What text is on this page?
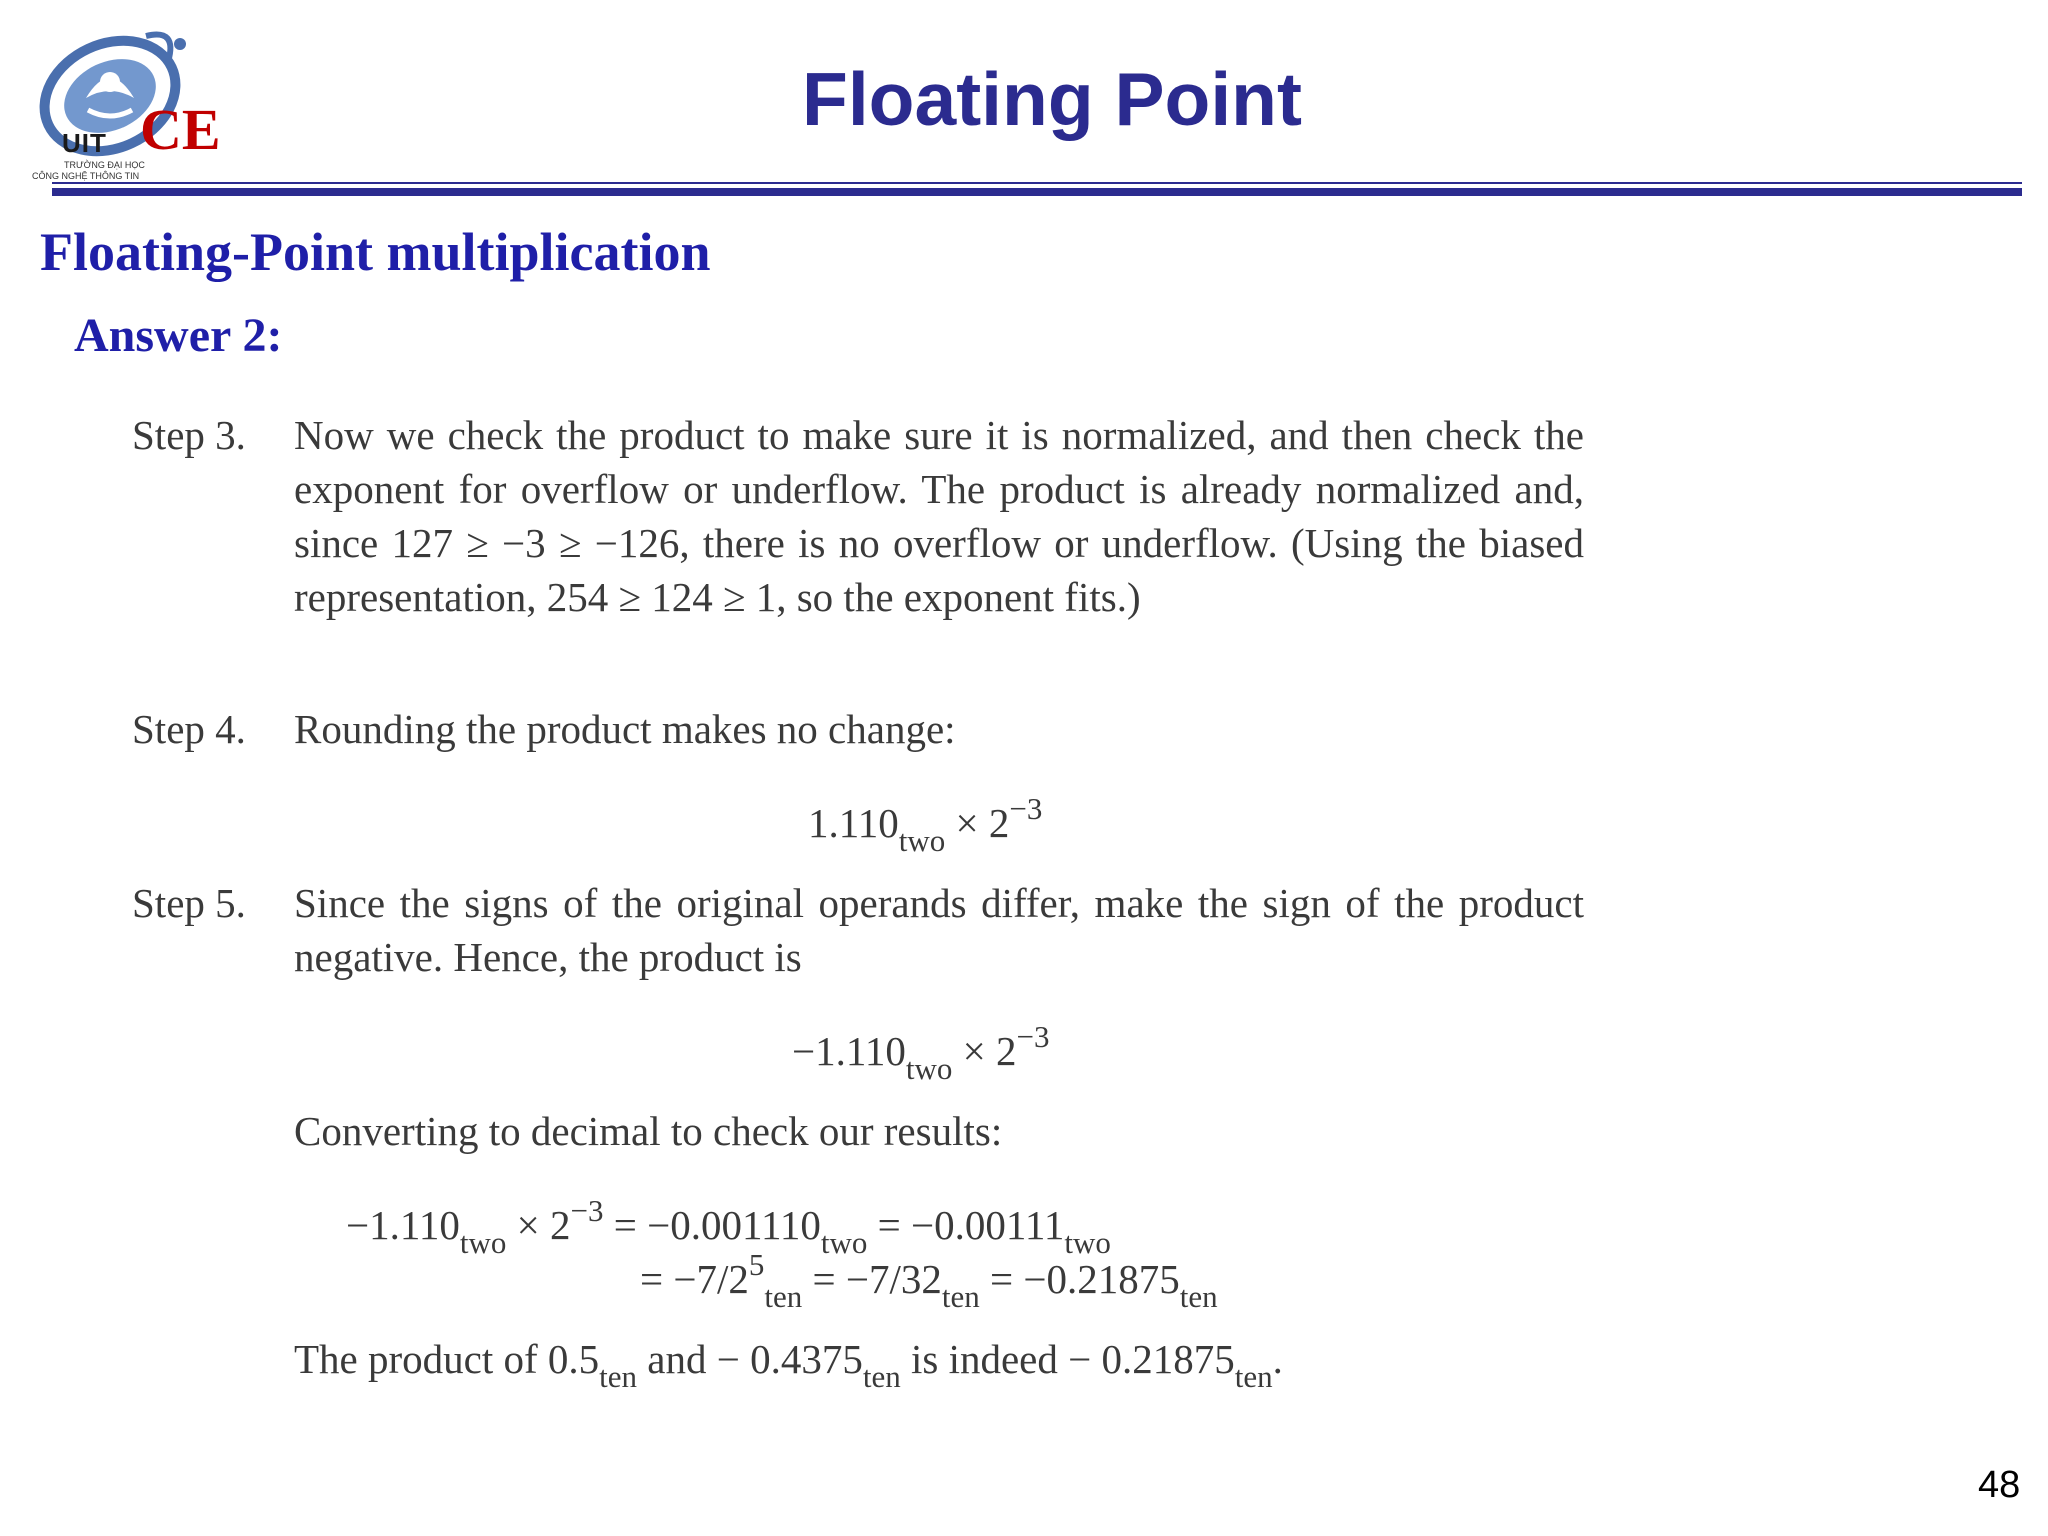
UIT CE
TRƯỜNG ĐẠI HỌC
CÔNG NGHỆ THÔNG TIN
Floating Point
Floating-Point multiplication
Answer 2:
Step 3. Now we check the product to make sure it is normalized, and then check the exponent for overflow or underflow. The product is already normalized and, since 127 ≥ −3 ≥ −126, there is no overflow or underflow. (Using the biased representation, 254 ≥ 124 ≥ 1, so the exponent fits.)
Step 4. Rounding the product makes no change:
$1.110_{two} \times 2^{-3}$
Step 5. Since the signs of the original operands differ, make the sign of the product negative. Hence, the product is
$-1.110_{two} \times 2^{-3}$
Converting to decimal to check our results:
$-1.110_{two} \times 2^{-3} = -0.001110_{two} = -0.00111_{two}$
= $-7/2^5_{ten} = -7/32_{ten} = -0.21875_{ten}$
The product of $0.5_{ten}$ and − $0.4375_{ten}$ is indeed − $0.21875_{ten}$.
48
